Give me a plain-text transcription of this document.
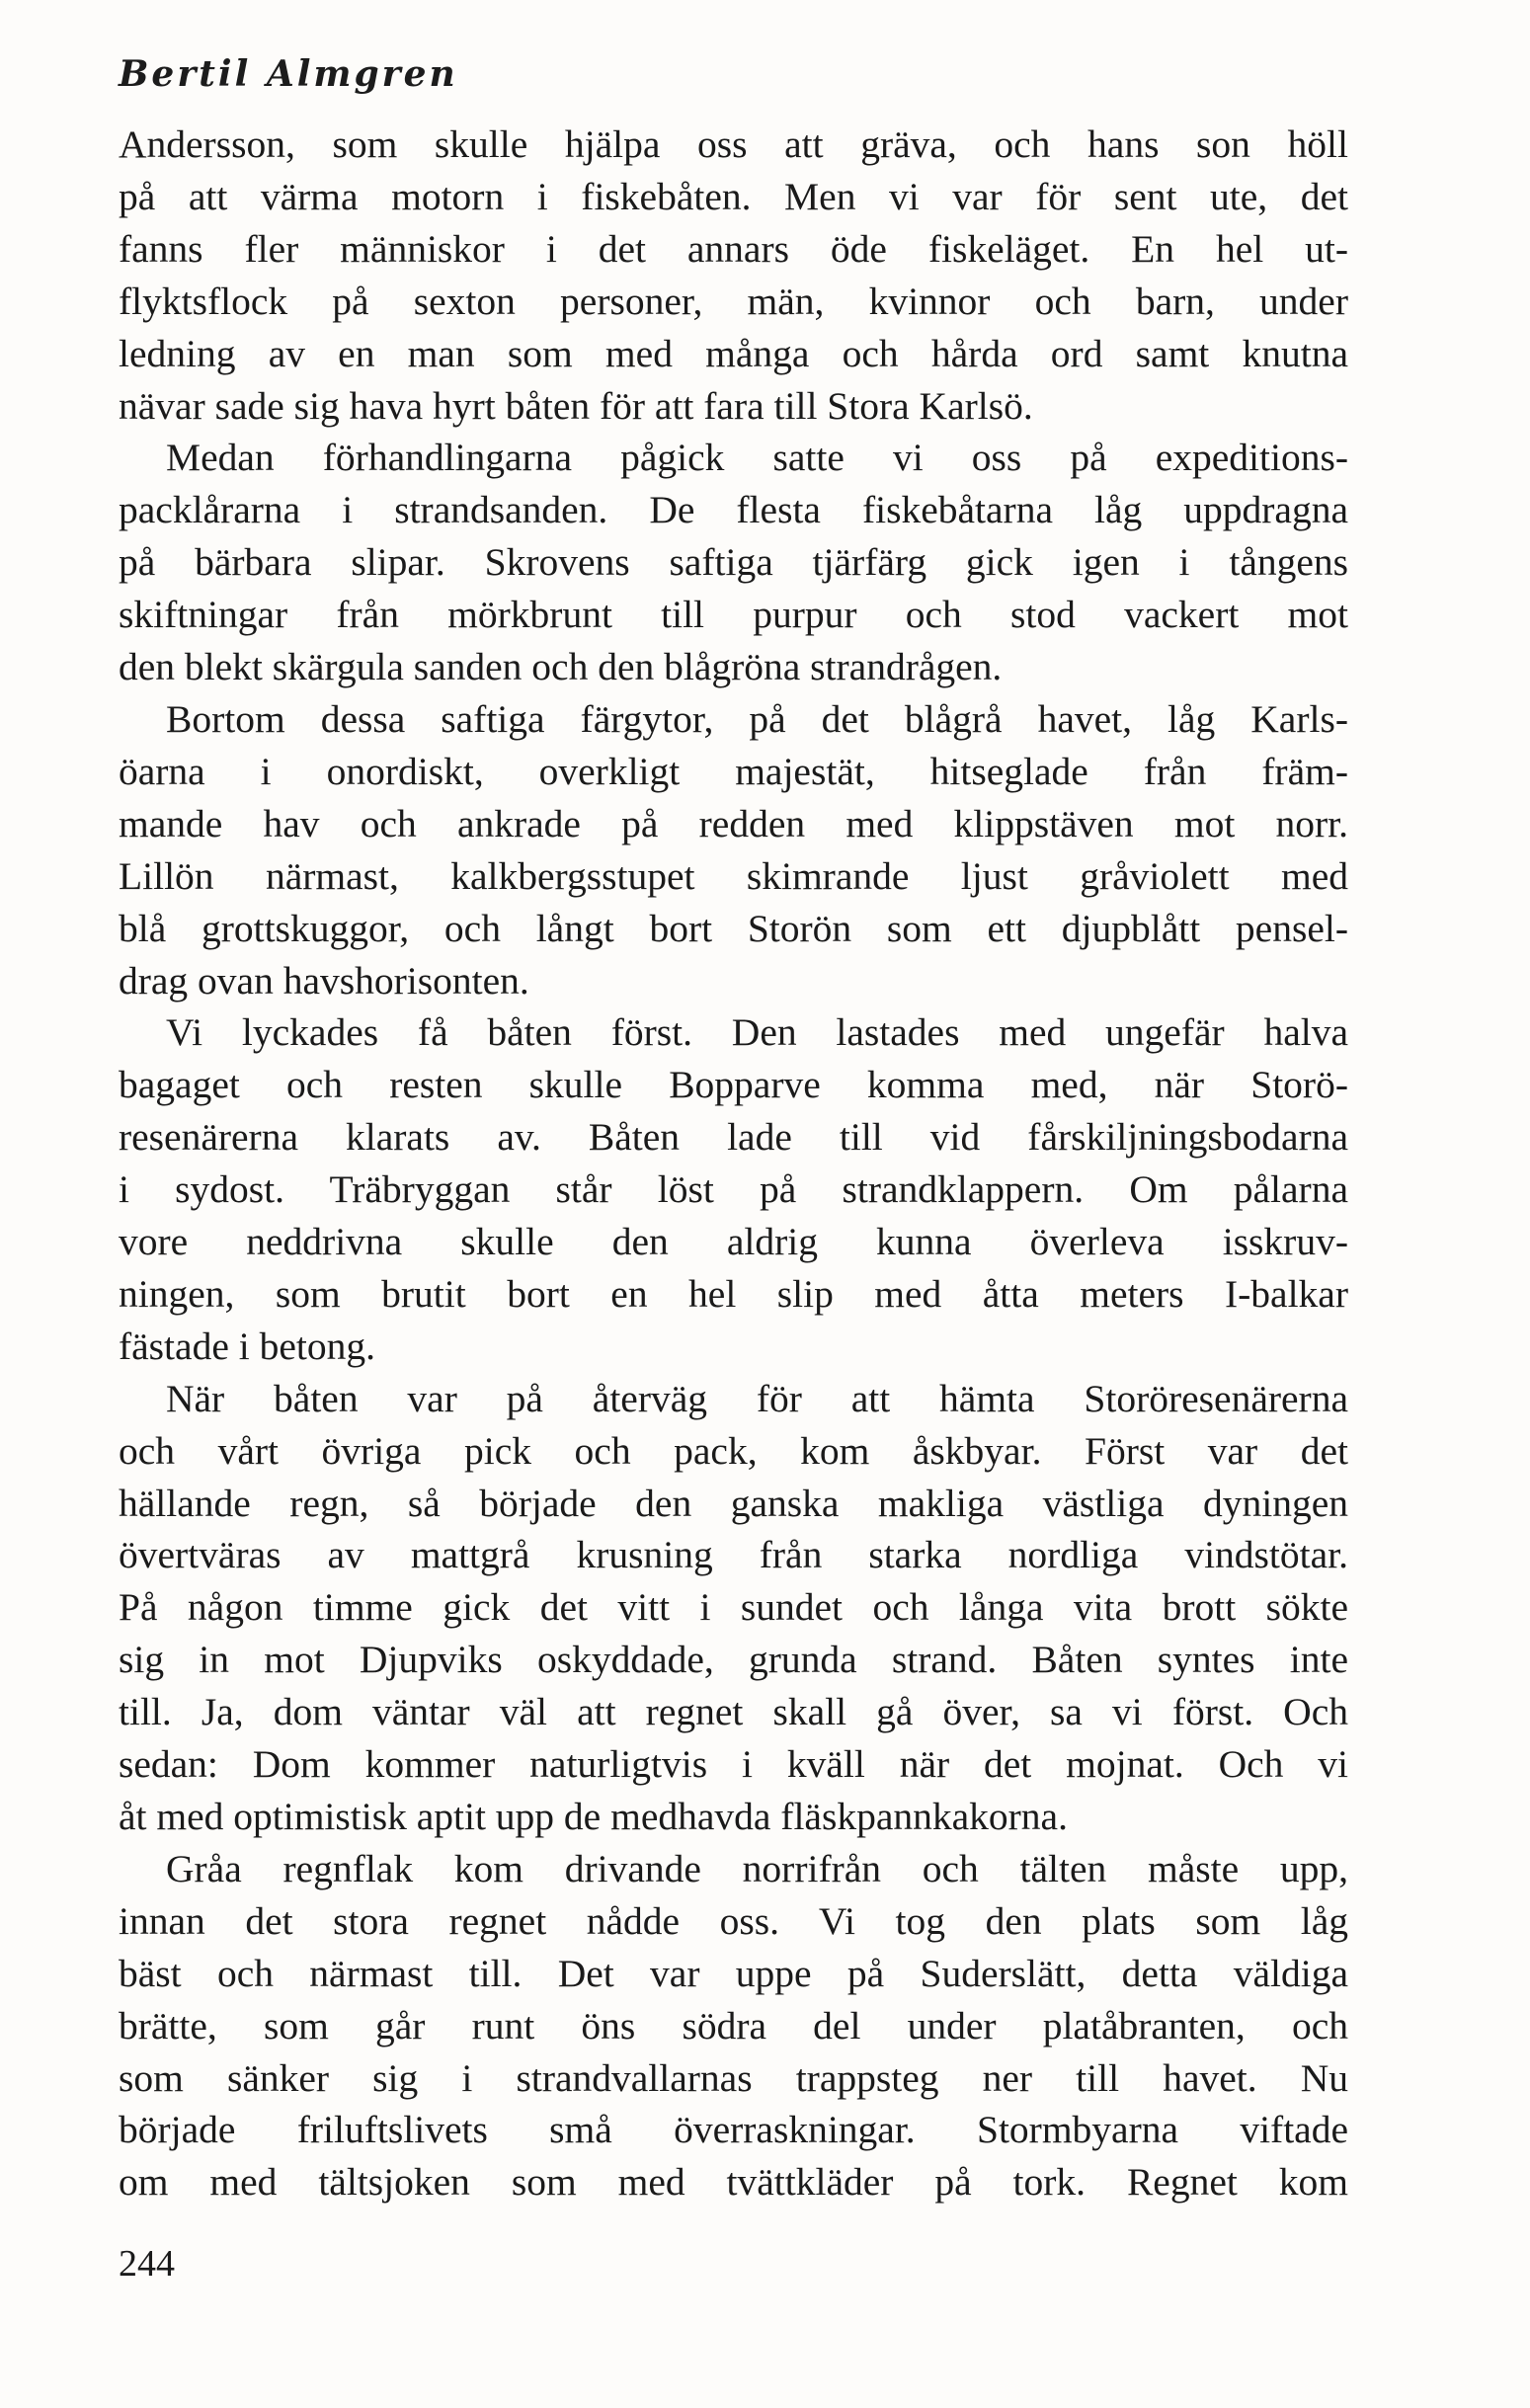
Bertil Almgren

Andersson, som skulle hjälpa oss att gräva, och hans son höll
på att värma motorn i fiskebåten. Men vi var för sent ute, det
fanns fler människor i det annars öde fiskeläget. En hel ut-
flyktsflock på sexton personer, män, kvinnor och barn, under
ledning av en man som med många och hårda ord samt knutna
nävar sade sig hava hyrt båten för att fara till Stora Karlsö.
Medan förhandlingarna pågick satte vi oss på expeditions-
packlårarna i strandsanden. De flesta fiskebåtarna låg uppdragna
på bärbara slipar. Skrovens saftiga tjärfärg gick igen i tångens
skiftningar från mörkbrunt till purpur och stod vackert mot
den blekt skärgula sanden och den blågröna strandrågen.
Bortom dessa saftiga färgytor, på det blågrå havet, låg Karls-
öarna i onordiskt, overkligt majestät, hitseglade från främ-
mande hav och ankrade på redden med klippstäven mot norr.
Lillön närmast, kalkbergsstupet skimrande ljust gråviolett med
blå grottskuggor, och långt bort Storön som ett djupblått pensel-
drag ovan havshorisonten.
Vi lyckades få båten först. Den lastades med ungefär halva
bagaget och resten skulle Bopparve komma med, när Storö-
resenärerna klarats av. Båten lade till vid fårskiljningsbodarna
i sydost. Träbryggan står löst på strandklappern. Om pålarna
vore neddrivna skulle den aldrig kunna överleva isskruv-
ningen, som brutit bort en hel slip med åtta meters I-balkar
fästade i betong.
När båten var på återväg för att hämta Storöresenärerna
och vårt övriga pick och pack, kom åskbyar. Först var det
hällande regn, så började den ganska makliga västliga dyningen
övertväras av mattgrå krusning från starka nordliga vindstötar.
På någon timme gick det vitt i sundet och långa vita brott sökte
sig in mot Djupviks oskyddade, grunda strand. Båten syntes inte
till. Ja, dom väntar väl att regnet skall gå över, sa vi först. Och
sedan: Dom kommer naturligtvis i kväll när det mojnat. Och vi
åt med optimistisk aptit upp de medhavda fläskpannkakorna.
Gråa regnflak kom drivande norrifrån och tälten måste upp,
innan det stora regnet nådde oss. Vi tog den plats som låg
bäst och närmast till. Det var uppe på Suderslätt, detta väldiga
brätte, som går runt öns södra del under platåbranten, och
som sänker sig i strandvallarnas trappsteg ner till havet. Nu
började friluftslivets små överraskningar. Stormbyarna viftade
om med tältsjoken som med tvättkläder på tork. Regnet kom

244
